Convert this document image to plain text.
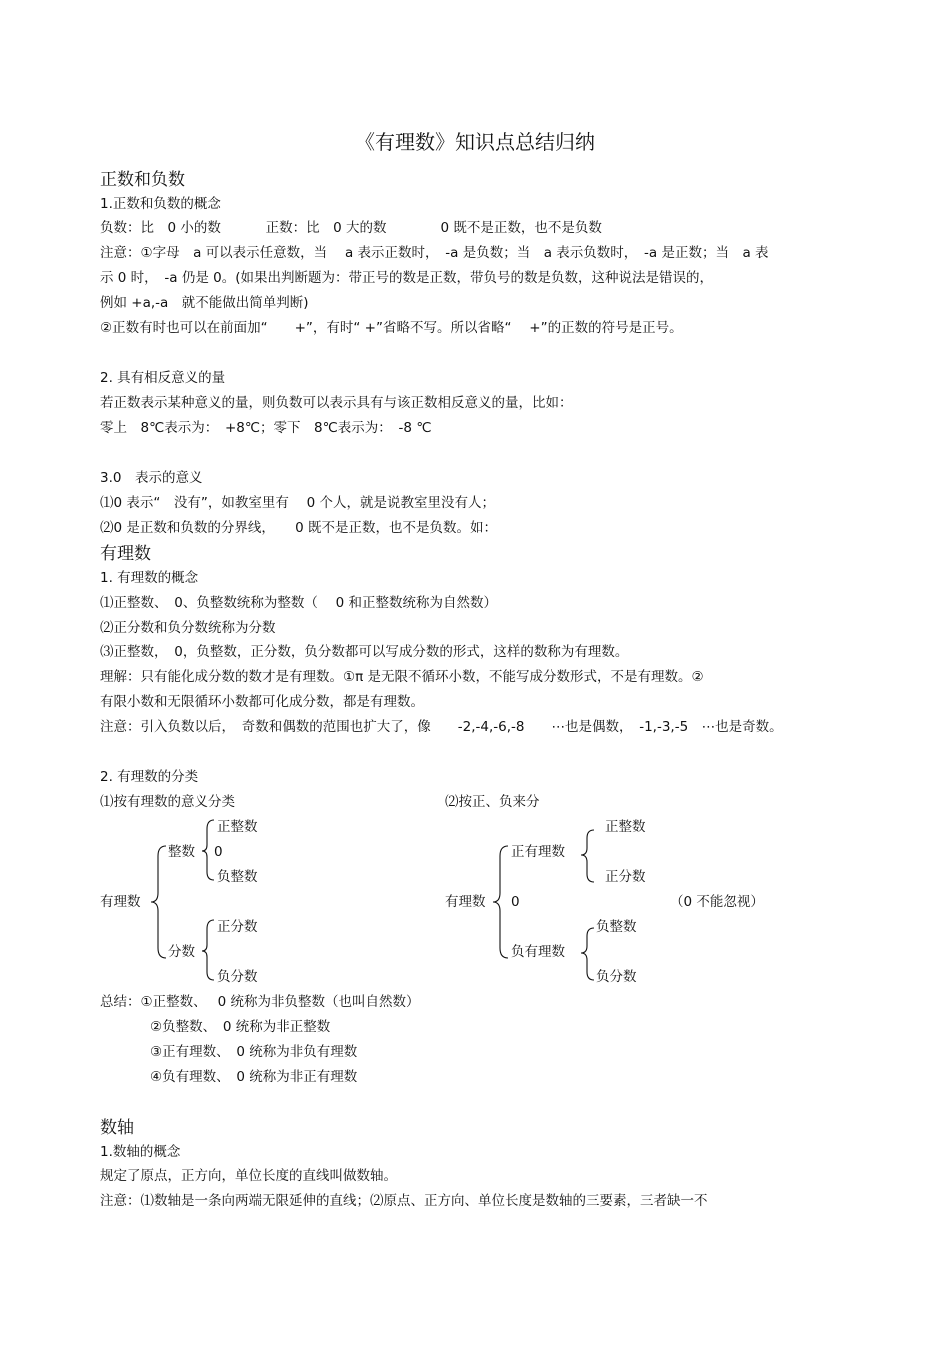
《有理数》知识点总结归纳
正数和负数
1.正数和负数的概念
负数：比　0 小的数　　　 正数：比　0 大的数　　　　0 既不是正数，也不是负数
注意：①字母　a 可以表示任意数，当　 a 表示正数时，　-a 是负数；当　a 表示负数时，　-a 是正数；当　a 表
示 0 时，　-a 仍是 0。(如果出判断题为：带正号的数是正数，带负号的数是负数，这种说法是错误的，
例如 +a,-a　就不能做出简单判断)
②正数有时也可以在前面加“　　+”，有时“ +”省略不写。所以省略“　 +”的正数的符号是正号。
2. 具有相反意义的量
若正数表示某种意义的量，则负数可以表示具有与该正数相反意义的量，比如：
零上　8℃表示为：　+8℃；零下　8℃表示为：　-8 ℃
3.0　表示的意义
⑴0 表示“　没有”，如教室里有　 0 个人，就是说教室里没有人；
⑵0 是正数和负数的分界线，　　0 既不是正数，也不是负数。如：
有理数
1. 有理数的概念
⑴正整数、　0、负整数统称为整数（　 0 和正整数统称为自然数）
⑵正分数和负分数统称为分数
⑶正整数，　0，负整数，正分数，负分数都可以写成分数的形式，这样的数称为有理数。
理解：只有能化成分数的数才是有理数。①π 是无限不循环小数，不能写成分数形式，不是有理数。②
有限小数和无限循环小数都可化成分数，都是有理数。
注意：引入负数以后，　奇数和偶数的范围也扩大了，像　　-2,-4,-6,-8　　⋯也是偶数，　-1,-3,-5　⋯也是奇数。
2. 有理数的分类
⑴按有理数的意义分类	⑵按正、负来分
有理数
整数
正整数
0
负整数
分数
正分数
负分数
有理数
正有理数
正整数
正分数
0	（0 不能忽视）
负有理数
负整数
负分数
总结：①正整数、　 0 统称为非负整数（也叫自然数）
②负整数、　0 统称为非正整数
③正有理数、　0 统称为非负有理数
④负有理数、　0 统称为非正有理数
数轴
1.数轴的概念
规定了原点，正方向，单位长度的直线叫做数轴。
注意：⑴数轴是一条向两端无限延伸的直线；⑵原点、正方向、单位长度是数轴的三要素，三者缺一不
